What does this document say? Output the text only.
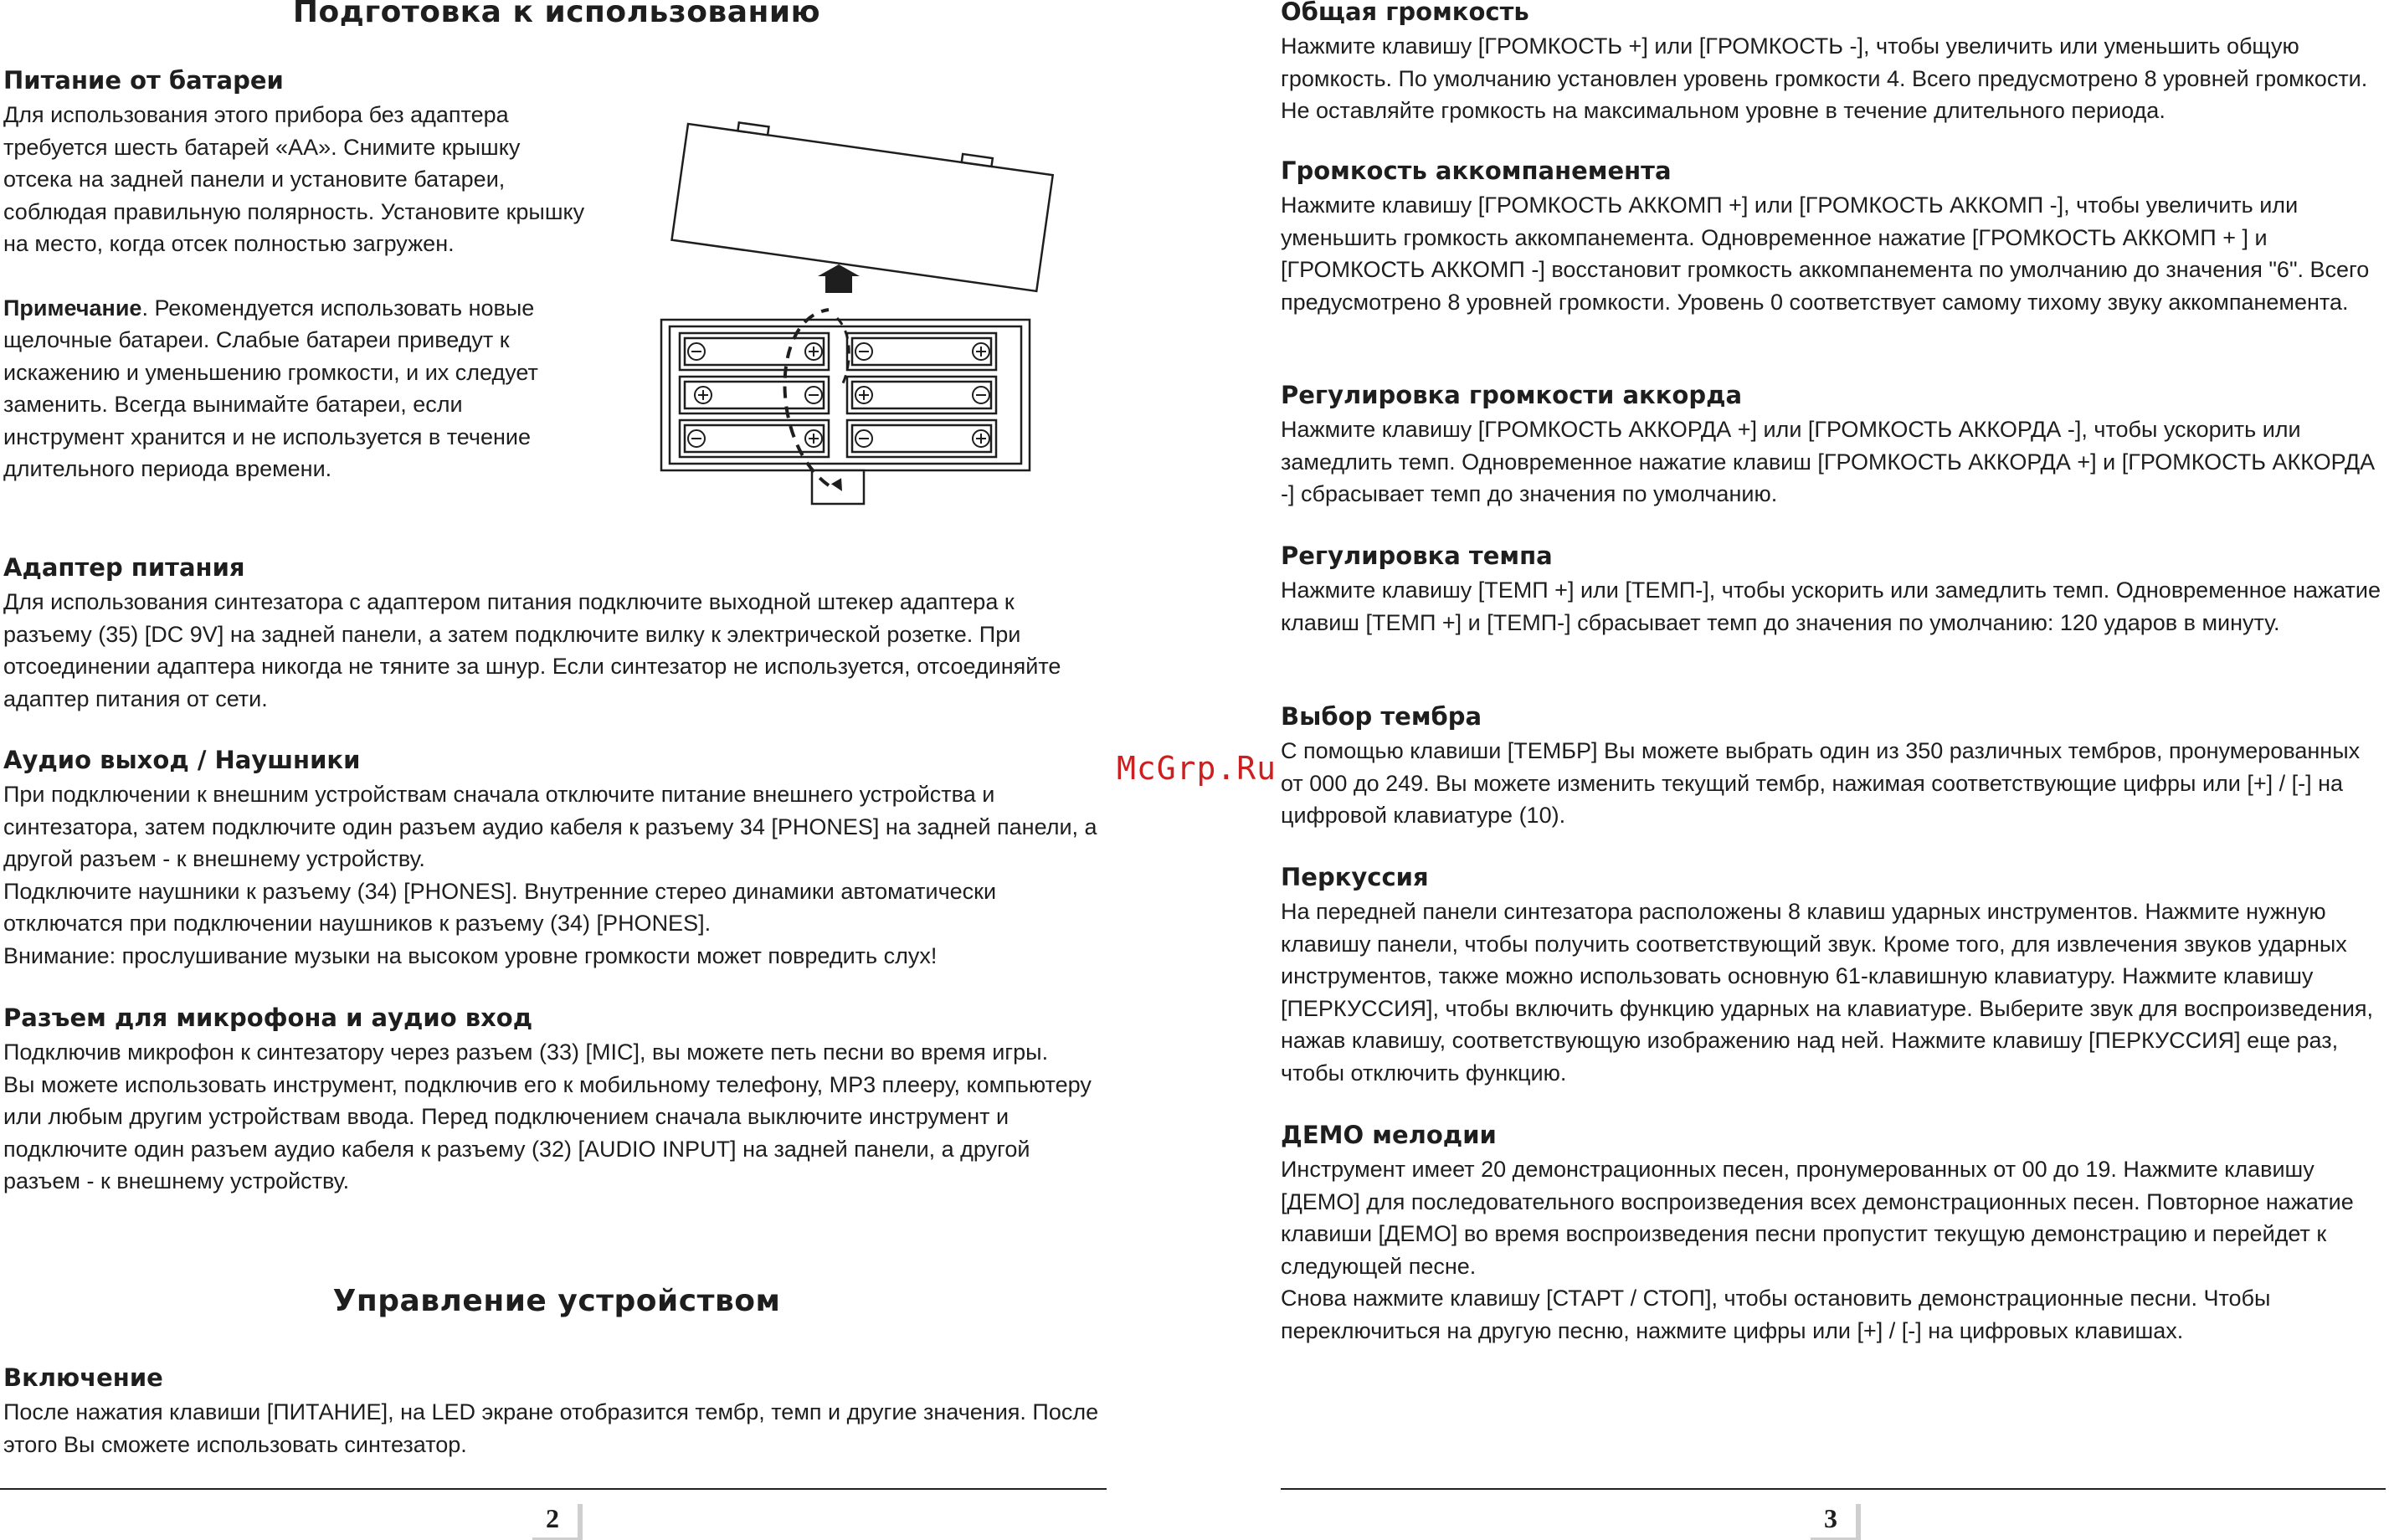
Подготовка к использованию
Питание от батареи

Для использования этого прибора без адаптера требуется шесть батарей «АА». Снимите крышку отсека на задней панели и установите батареи, соблюдая правильную полярность. Установите крышку на место, когда отсек полностью загружен.

Примечание. Рекомендуется использовать новые щелочные батареи. Слабые батареи приведут к искажению и уменьшению громкости, и их следует заменить. Всегда вынимайте батареи, если инструмент хранится и не используется в течение длительного периода времени.

Адаптер питания

Для использования синтезатора с адаптером питания подключите выходной штекер адаптера к разъему (35) [DC 9V] на задней панели, а затем подключите вилку к электрической розетке. При отсоединении адаптера никогда не тяните за шнур. Если синтезатор не используется, отсоединяйте адаптер питания от сети.

Аудио выход / Наушники

При подключении к внешним устройствам сначала отключите питание внешнего устройства и синтезатора, затем подключите один разъем аудио кабеля к разъему 34 [PHONES] на задней панели, а другой разъем - к внешнему устройству.

Подключите наушники к разъему (34) [PHONES]. Внутренние стерео динамики автоматически отключатся при подключении наушников к разъему (34) [PHONES].

Внимание: прослушивание музыки на высоком уровне громкости может повредить слух!

Разъем для микрофона и аудио вход

Подключив микрофон к синтезатору через разъем (33) [MIC], вы можете петь песни во время игры.

Вы можете использовать инструмент, подключив его к мобильному телефону, MP3 плееру, компьютеру или любым другим устройствам ввода. Перед подключением сначала выключите инструмент и подключите один разъем аудио кабеля к разъему (32) [AUDIO INPUT] на задней панели, а другой разъем - к внешнему устройству.

Управление устройством
Включение

После нажатия клавиши [ПИТАНИЕ], на LED экране отобразится тембр, темп и другие значения. После этого Вы сможете использовать синтезатор.

2
McGrp.Ru
Общая громкость

Нажмите клавишу [ГРОМКОСТЬ +] или [ГРОМКОСТЬ -], чтобы увеличить или уменьшить общую громкость. По умолчанию установлен уровень громкости 4. Всего предусмотрено 8 уровней громкости. Не оставляйте громкость на максимальном уровне в течение длительного периода.

Громкость аккомпанемента

Нажмите клавишу [ГРОМКОСТЬ АККОМП +] или [ГРОМКОСТЬ АККОМП -], чтобы увеличить или уменьшить громкость аккомпанемента. Одновременное нажатие [ГРОМКОСТЬ АККОМП + ] и [ГРОМКОСТЬ АККОМП -] восстановит громкость аккомпанемента по умолчанию до значения "6". Всего предусмотрено 8 уровней громкости. Уровень 0 соответствует самому тихому звуку аккомпанемента.

Регулировка громкости аккорда

Нажмите клавишу [ГРОМКОСТЬ АККОРДА +] или [ГРОМКОСТЬ АККОРДА -], чтобы ускорить или замедлить темп. Одновременное нажатие клавиш [ГРОМКОСТЬ АККОРДА +] и [ГРОМКОСТЬ АККОРДА -] сбрасывает темп до значения по умолчанию.

Регулировка темпа

Нажмите клавишу [ТЕМП +] или [ТЕМП-], чтобы ускорить или замедлить темп. Одновременное нажатие клавиш [ТЕМП +] и [ТЕМП-] сбрасывает темп до значения по умолчанию: 120 ударов в минуту.

Выбор тембра

С помощью клавиши [ТЕМБР] Вы можете выбрать один из 350 различных тембров, пронумерованных от 000 до 249. Вы можете изменить текущий тембр, нажимая соответствующие цифры или [+] / [-] на цифровой клавиатуре (10).

Перкуссия

На передней панели синтезатора расположены 8 клавиш ударных инструментов. Нажмите нужную клавишу панели, чтобы получить соответствующий звук. Кроме того, для извлечения звуков ударных инструментов, также можно использовать основную 61-клавишную клавиатуру. Нажмите клавишу [ПЕРКУССИЯ], чтобы включить функцию ударных на клавиатуре. Выберите звук для воспроизведения, нажав клавишу, соответствующую изображению над ней. Нажмите клавишу [ПЕРКУССИЯ] еще раз, чтобы отключить функцию.

ДЕМО мелодии

Инструмент имеет 20 демонстрационных песен, пронумерованных от 00 до 19. Нажмите клавишу [ДЕМО] для последовательного воспроизведения всех демонстрационных песен. Повторное нажатие клавиши [ДЕМО] во время воспроизведения песни пропустит текущую демонстрацию и перейдет к следующей песне.

Снова нажмите клавишу [СТАРТ / СТОП], чтобы остановить демонстрационные песни. Чтобы переключиться на другую песню, нажмите цифры или [+] / [-] на цифровых клавишах.

3
